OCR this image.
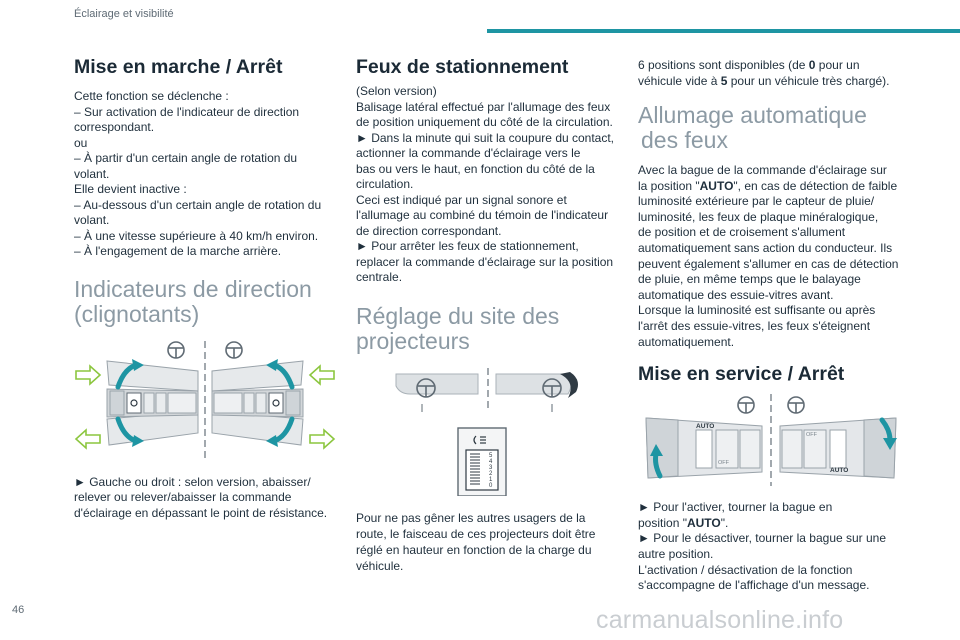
Éclairage et visibilité
46	carmanualsonline.info
Mise en marche / Arrêt
Cette fonction se déclenche :
– Sur activation de l'indicateur de direction
correspondant.
ou
– À partir d'un certain angle de rotation du
volant.
Elle devient inactive :
– Au-dessous d'un certain angle de rotation du
volant.
– À une vitesse supérieure à 40 km/h environ.
– À l'engagement de la marche arrière.
Indicateurs de direction
(clignotants)
► Gauche ou droit : selon version, abaisser/
relever ou relever/abaisser la commande
d'éclairage en dépassant le point de résistance.
Feux de stationnement
(Selon version)
Balisage latéral effectué par l'allumage des feux
de position uniquement du côté de la circulation.
► Dans la minute qui suit la coupure du contact,
actionner la commande d'éclairage vers le
bas ou vers le haut, en fonction du côté de la
circulation.
Ceci est indiqué par un signal sonore et
l'allumage au combiné du témoin de l'indicateur
de direction correspondant.
► Pour arrêter les feux de stationnement,
replacer la commande d'éclairage sur la position
centrale.
Réglage du site des
projecteurs
5
4
3
2
1
0
Pour ne pas gêner les autres usagers de la
route, le faisceau de ces projecteurs doit être
réglé en hauteur en fonction de la charge du
véhicule.
6 positions sont disponibles (de 0 pour un
véhicule vide à 5 pour un véhicule très chargé).
Allumage automatique
des feux
Avec la bague de la commande d'éclairage sur
la position "AUTO", en cas de détection de faible
luminosité extérieure par le capteur de pluie/
luminosité, les feux de plaque minéralogique,
de position et de croisement s'allument
automatiquement sans action du conducteur. Ils
peuvent également s'allumer en cas de détection
de pluie, en même temps que le balayage
automatique des essuie-vitres avant.
Lorsque la luminosité est suffisante ou après
l'arrêt des essuie-vitres, les feux s'éteignent
automatiquement.
Mise en service / Arrêt
AUTO
AUTO
OFF
OFF
► Pour l'activer, tourner la bague en
position "AUTO".
► Pour le désactiver, tourner la bague sur une
autre position.
L'activation / désactivation de la fonction
s'accompagne de l'affichage d'un message.
